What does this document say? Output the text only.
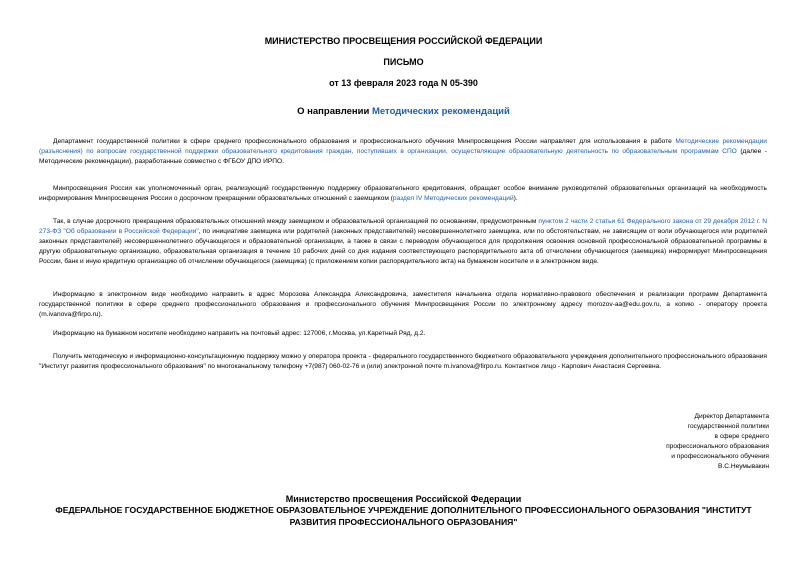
МИНИСТЕРСТВО ПРОСВЕЩЕНИЯ РОССИЙСКОЙ ФЕДЕРАЦИИ
ПИСЬМО
от 13 февраля 2023 года N 05-390
О направлении Методических рекомендаций
Департамент государственной политики в сфере среднего профессионального образования и профессионального обучения Минпросвещения России направляет для использования в работе Методические рекомендации (разъяснения) по вопросам государственной поддержки образовательного кредитования граждан, поступивших в организации, осуществляющие образовательную деятельность по образовательным программам СПО (далее - Методические рекомендации), разработанные совместно с ФГБОУ ДПО ИРПО.
Минпросвещения России как уполномоченный орган, реализующий государственную поддержку образовательного кредитования, обращает особое внимание руководителей образовательных организаций на необходимость информирования Минпросвещения России о досрочном прекращении образовательных отношений с заемщиком (раздел IV Методических рекомендаций).
Так, в случае досрочного прекращения образовательных отношений между заемщиком и образовательной организацией по основаниям, предусмотренным пунктом 2 части 2 статьи 61 Федерального закона от 29 декабря 2012 г. N 273-ФЗ "Об образовании в Российской Федерации", по инициативе заемщика или родителей (законных представителей) несовершеннолетнего заемщика, или по обстоятельствам, не зависящим от воли обучающегося или родителей законных представителей) несовершеннолетнего обучающегося и образовательной организации, а также в связи с переводом обучающегося для продолжения освоения основной профессиональной образовательной программы в другую образовательную организацию, образовательная организация в течение 10 рабочих дней со дня издания соответствующего распорядительного акта об отчислении обучающегося (заемщика) информирует Минпросвещения России, банк и иную кредитную организацию об отчислении обучающегося (заемщика) (с приложением копии распорядительного акта) на бумажном носителе и в электронном виде.
Информацию в электронном виде необходимо направить в адрес Морозова Александра Александровича, заместителя начальника отдела нормативно-правового обеспечения и реализации программ Департамента государственной политики в сфере среднего профессионального образования и профессионального обучения Минпросвещения России по электронному адресу morozov-aa@edu.gov.ru, а копию - оператору проекта (m.ivanova@firpo.ru).
Информацию на бумажном носителе необходимо направить на почтовый адрес: 127006, г.Москва, ул.Каретный Ряд, д.2.
Получить методическую и информационно-консультационную поддержку можно у оператора проекта - федерального государственного бюджетного образовательного учреждения дополнительного профессионального образования "Институт развития профессионального образования" по многоканальному телефону +7(987) 060-02-76 и (или) электронной почте m.ivanova@firpo.ru. Контактное лицо - Карпович Анастасия Сергеевна.
Директор Департамента
государственной политики
в сфере среднего
профессионального образования
и профессионального обучения
В.С.Неумывакин
Министерство просвещения Российской Федерации
ФЕДЕРАЛЬНОЕ ГОСУДАРСТВЕННОЕ БЮДЖЕТНОЕ ОБРАЗОВАТЕЛЬНОЕ УЧРЕЖДЕНИЕ ДОПОЛНИТЕЛЬНОГО ПРОФЕССИОНАЛЬНОГО ОБРАЗОВАНИЯ "ИНСТИТУТ РАЗВИТИЯ ПРОФЕССИОНАЛЬНОГО ОБРАЗОВАНИЯ"
